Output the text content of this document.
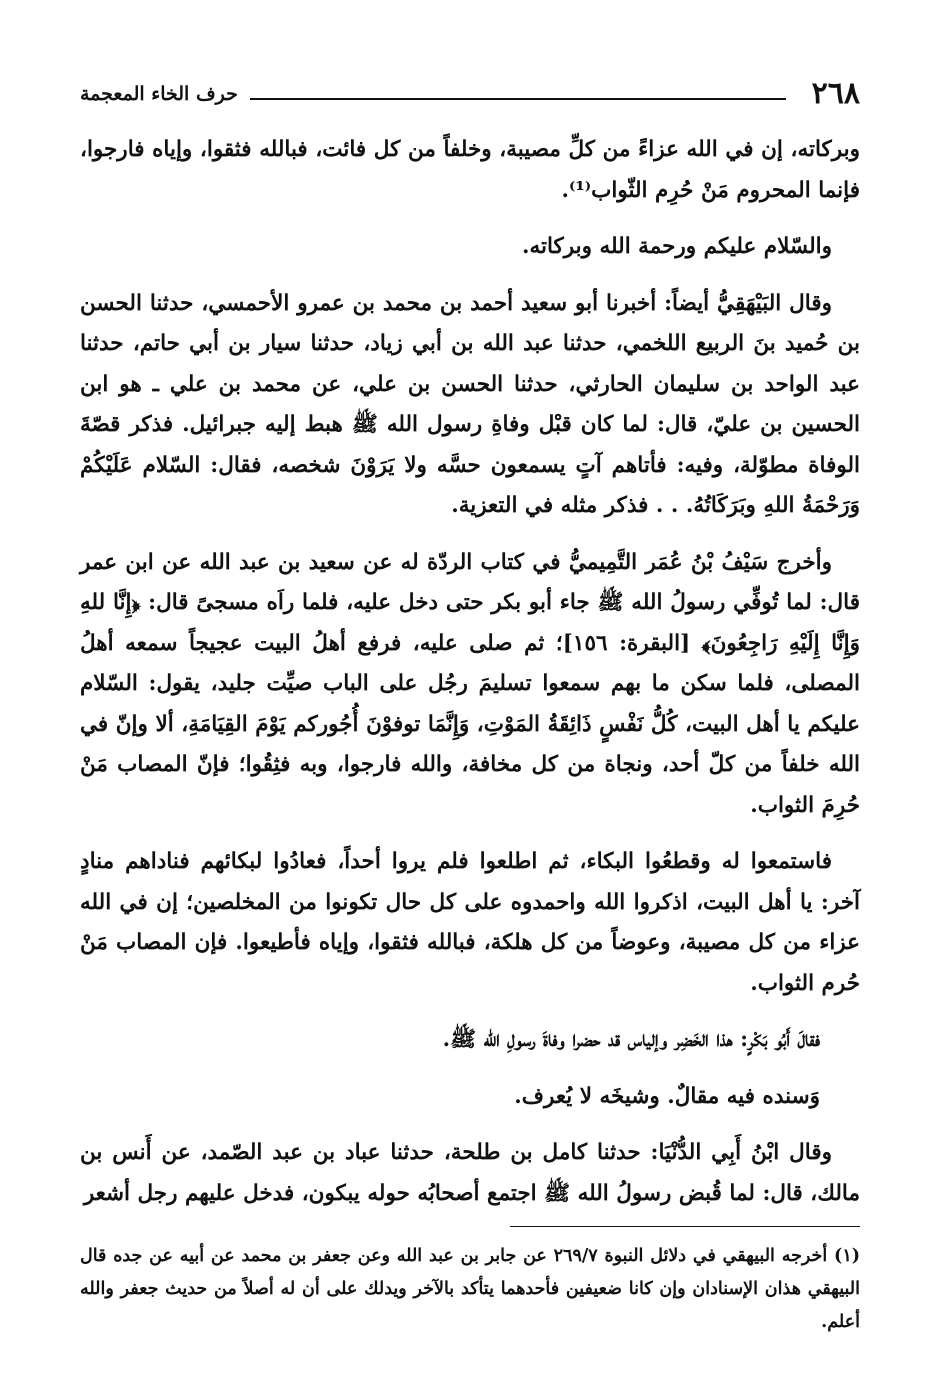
٢٦٨
حرف الخاء المعجمة

وبركاته، إن في الله عزاءً من كلِّ مصيبة، وخلفاً من كل فائت، فبالله فثقوا، وإياه فارجوا، فإنما المحروم مَنْ حُرِم الثّواب⁽¹⁾.

والسّلام عليكم ورحمة الله وبركاته.

وقال البَيْهَقِيُّ أيضاً: أخبرنا أبو سعيد أحمد بن محمد بن عمرو الأحمسي، حدثنا الحسن بن حُميد بنَ الربيع اللخمي، حدثنا عبد الله بن أبي زياد، حدثنا سيار بن أبي حاتم، حدثنا عبد الواحد بن سليمان الحارثي، حدثنا الحسن بن علي، عن محمد بن علي ـ هو ابن الحسين بن عليّ، قال: لما كان قبْل وفاةِ رسول الله ﷺ هبط إليه جبرائيل. فذكر قصّةَ الوفاة مطوّلة، وفيه: فأتاهم آتٍ يسمعون حسَّه ولا يَرَوْنَ شخصه، فقال: السّلام عَلَيْكُمْ وَرَحْمَةُ اللهِ وبَرَكَاتُهُ. . . فذكر مثله في التعزية.

وأخرج سَيْفُ بْنُ عُمَر التَّمِيميُّ في كتاب الردّة له عن سعيد بن عبد الله عن ابن عمر قال: لما تُوفِّي رسولُ الله ﷺ جاء أبو بكر حتى دخل عليه، فلما راَه مسجىً قال: ﴿إِنَّا للهِ وَإِنَّا إِلَيْهِ رَاجِعُونَ﴾ [البقرة: ١٥٦]؛ ثم صلى عليه، فرفع أهلُ البيت عجيجاً سمعه أهلُ المصلى، فلما سكن ما بهم سمعوا تسليمَ رجُل على الباب صيِّت جليد، يقول: السّلام عليكم يا أهل البيت، كُلُّ نَفْسٍ ذَائِقَةُ المَوْتِ، وَإِنَّمَا توفوْنَ أُجُوركم يَوْمَ القِيَامَةِ، ألا وإنّ في الله خلفاً من كلّ أحد، ونجاة من كل مخافة، والله فارجوا، وبه فثِقُوا؛ فإنّ المصاب مَنْ حُرِمَ الثواب.

فاستمعوا له وقطعُوا البكاء، ثم اطلعوا فلم يروا أحداً، فعادُوا لبكائهم فناداهم منادٍ آخر: يا أهل البيت، اذكروا الله واحمدوه على كل حال تكونوا من المخلصين؛ إن في الله عزاء من كل مصيبة، وعوضاً من كل هلكة، فبالله فثقوا، وإياه فأطيعوا. فإن المصاب مَنْ حُرم الثواب.

فقالَ أَبُو بَكْرٍ: هذا الخَضِر وإلياس قد حضرا وفاةَ رسولِ الله ﷺ.

وَسنده فيه مقالٌ. وشيخَه لا يُعرف.

وقال ابْنُ أَبِي الدُّنْيَا: حدثنا كامل بن طلحة، حدثنا عباد بن عبد الصّمد، عن أَنس بن مالك، قال: لما قُبض رسولُ الله ﷺ اجتمع أصحابُه حوله يبكون، فدخل عليهم رجل أشعر

(١) أخرجه البيهقي في دلائل النبوة ٢٦٩/٧ عن جابر بن عبد الله وعن جعفر بن محمد عن أبيه عن جده قال البيهقي هذان الإسنادان وإن كانا ضعيفين فأحدهما يتأكد بالآخر ويدلك على أن له أصلاً من حديث جعفر والله أعلم.
